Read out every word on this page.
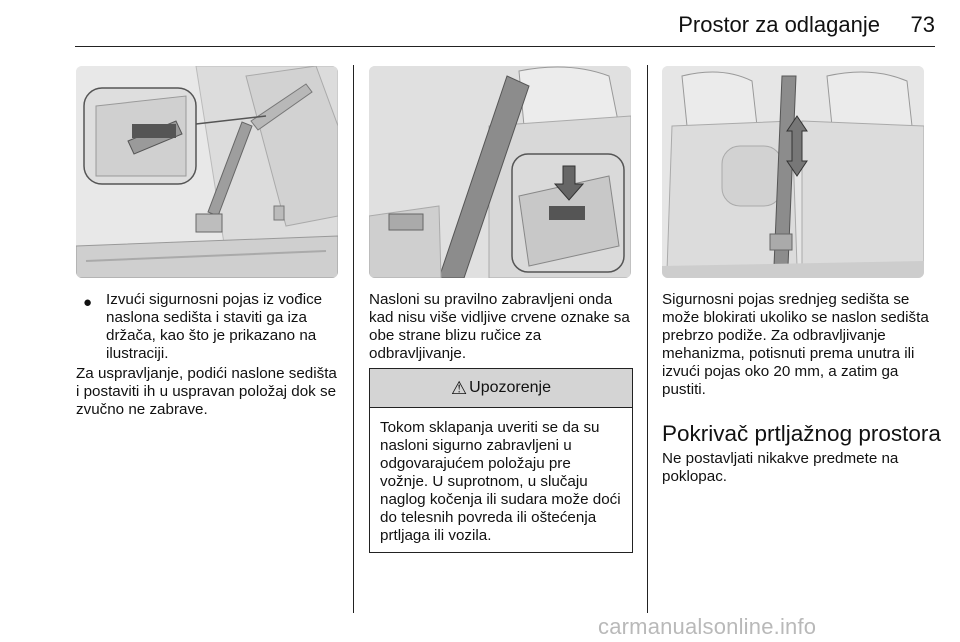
Prostor za odlaganje	73
● Izvući sigurnosni pojas iz vođice naslona sedišta i staviti ga iza držača, kao što je prikazano na ilustraciji.
Za uspravljanje, podići naslone sedišta i postaviti ih u uspravan položaj dok se zvučno ne zabrave.
Nasloni su pravilno zabravljeni onda kad nisu više vidljive crvene oznake sa obe strane blizu ručice za odbravljivanje.
⚠ Upozorenje
Tokom sklapanja uveriti se da su nasloni sigurno zabravljeni u odgovarajućem položaju pre vožnje. U suprotnom, u slučaju naglog kočenja ili sudara može doći do telesnih povreda ili oštećenja prtljaga ili vozila.
Sigurnosni pojas srednjeg sedišta se može blokirati ukoliko se naslon sedišta prebrzo podiže. Za odbravljivanje mehanizma, potisnuti prema unutra ili izvući pojas oko 20 mm, a zatim ga pustiti.
Pokrivač prtljažnog prostora
Ne postavljati nikakve predmete na poklopac.
carmanualsonline.info
